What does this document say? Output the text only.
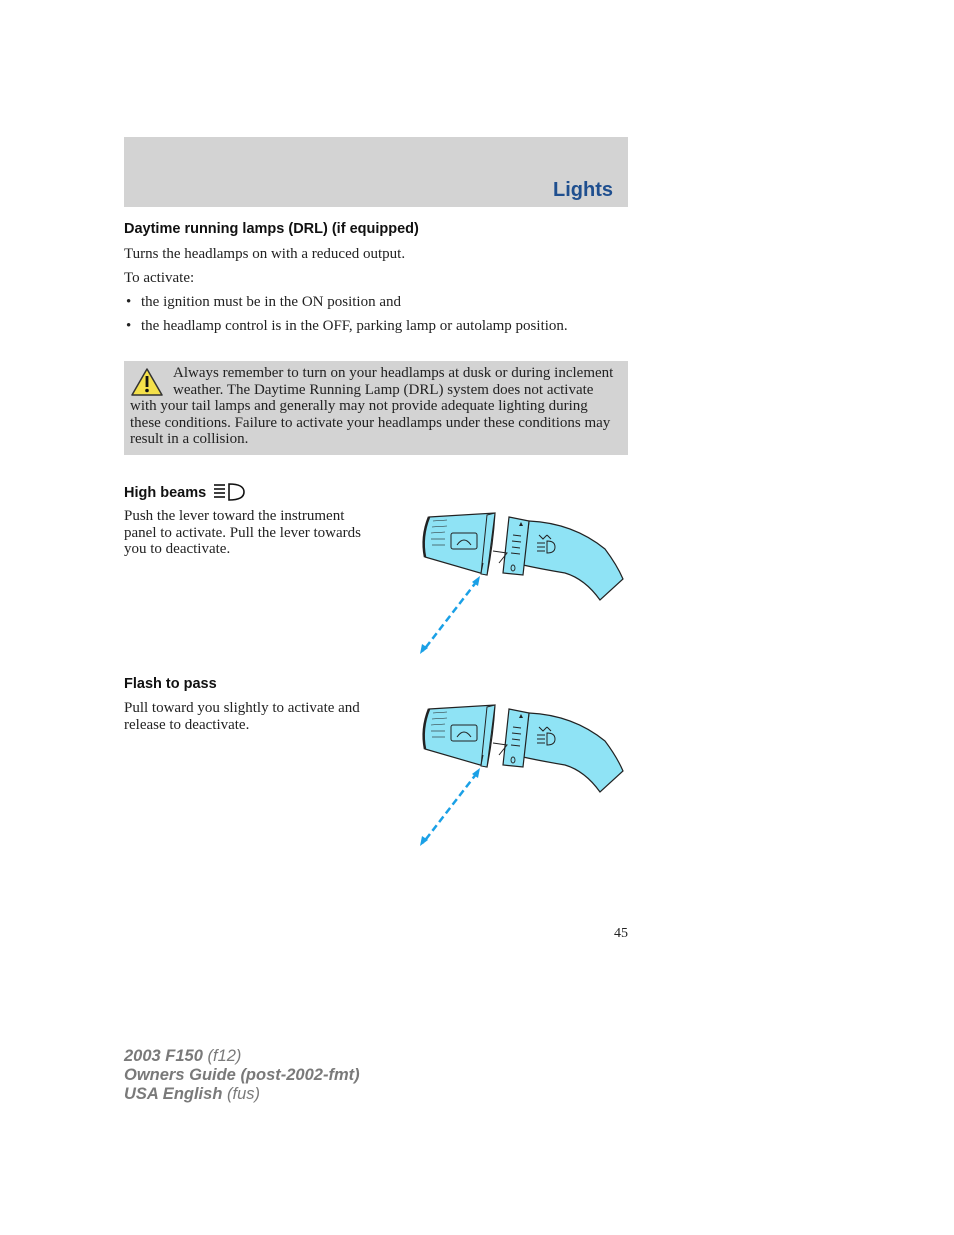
Lights
Daytime running lamps (DRL) (if equipped)

Turns the headlamps on with a reduced output.

To activate:

• the ignition must be in the ON position and
• the headlamp control is in the OFF, parking lamp or autolamp position.

Always remember to turn on your headlamps at dusk or during inclement weather. The Daytime Running Lamp (DRL) system does not activate with your tail lamps and generally may not provide adequate lighting during these conditions. Failure to activate your headlamps under these conditions may result in a collision.

High beams

Push the lever toward the instrument panel to activate. Pull the lever towards you to deactivate.

Flash to pass

Pull toward you slightly to activate and release to deactivate.

45

2003 F150 (f12)
Owners Guide (post-2002-fmt)
USA English (fus)
